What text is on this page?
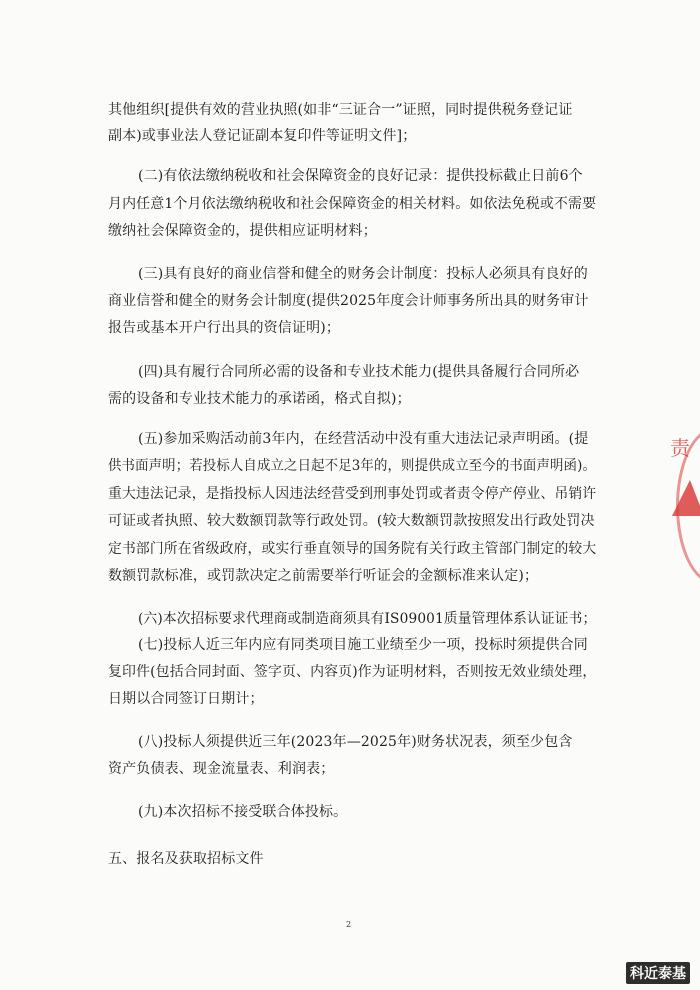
其他组织[提供有效的营业执照(如非“三证合一”证照，同时提供税务登记证
副本)或事业法人登记证副本复印件等证明文件]；
(二)有依法缴纳税收和社会保障资金的良好记录：提供投标截止日前6个
月内任意1个月依法缴纳税收和社会保障资金的相关材料。如依法免税或不需要
缴纳社会保障资金的，提供相应证明材料；
(三)具有良好的商业信誉和健全的财务会计制度：投标人必须具有良好的
商业信誉和健全的财务会计制度(提供2025年度会计师事务所出具的财务审计
报告或基本开户行出具的资信证明)；
(四)具有履行合同所必需的设备和专业技术能力(提供具备履行合同所必
需的设备和专业技术能力的承诺函，格式自拟)；
(五)参加采购活动前3年内，在经营活动中没有重大违法记录声明函。(提
供书面声明；若投标人自成立之日起不足3年的，则提供成立至今的书面声明函)。
重大违法记录，是指投标人因违法经营受到刑事处罚或者责令停产停业、吊销许
可证或者执照、较大数额罚款等行政处罚。(较大数额罚款按照发出行政处罚决
定书部门所在省级政府，或实行垂直领导的国务院有关行政主管部门制定的较大
数额罚款标准，或罚款决定之前需要举行听证会的金额标准来认定)；
(六)本次招标要求代理商或制造商须具有IS09001质量管理体系认证证书；
(七)投标人近三年内应有同类项目施工业绩至少一项，投标时须提供合同
复印件(包括合同封面、签字页、内容页)作为证明材料，否则按无效业绩处理，
日期以合同签订日期计；
(八)投标人须提供近三年(2023年—2025年)财务状况表，须至少包含
资产负债表、现金流量表、利润表；
(九)本次招标不接受联合体投标。
五、报名及获取招标文件
2
责
科近泰基
